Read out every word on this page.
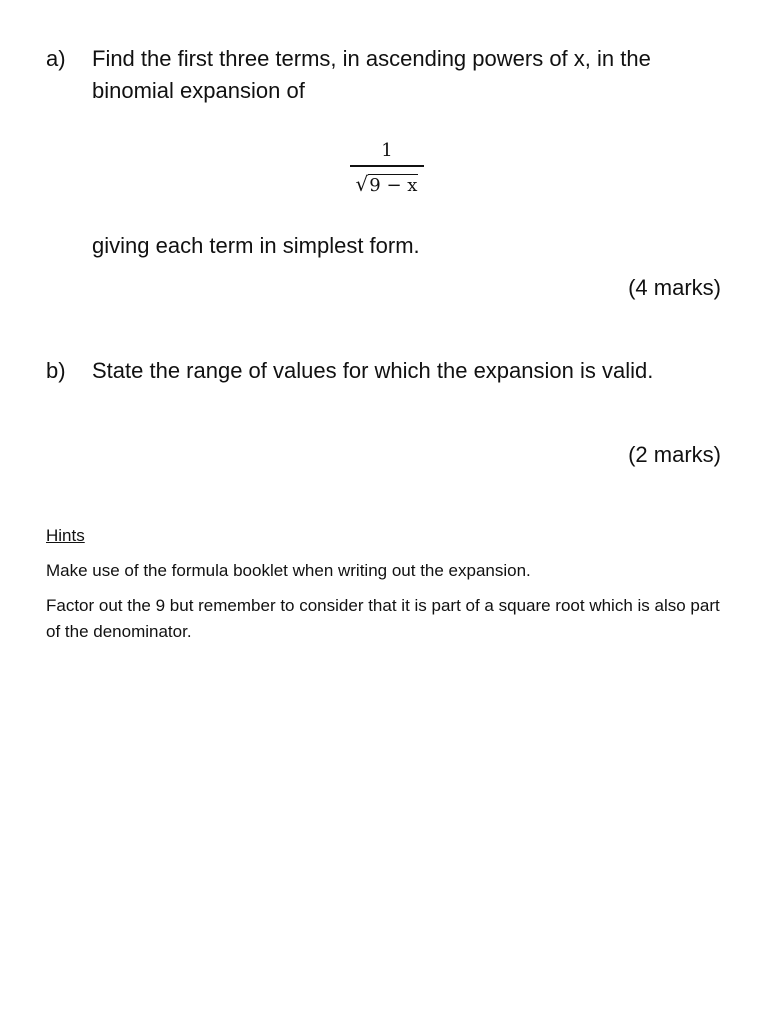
a) Find the first three terms, in ascending powers of x, in the binomial expansion of
1
√9 − x
giving each term in simplest form.
(4 marks)
b) State the range of values for which the expansion is valid.
(2 marks)
Hints
Make use of the formula booklet when writing out the expansion.
Factor out the 9 but remember to consider that it is part of a square root which is also part of the denominator.
